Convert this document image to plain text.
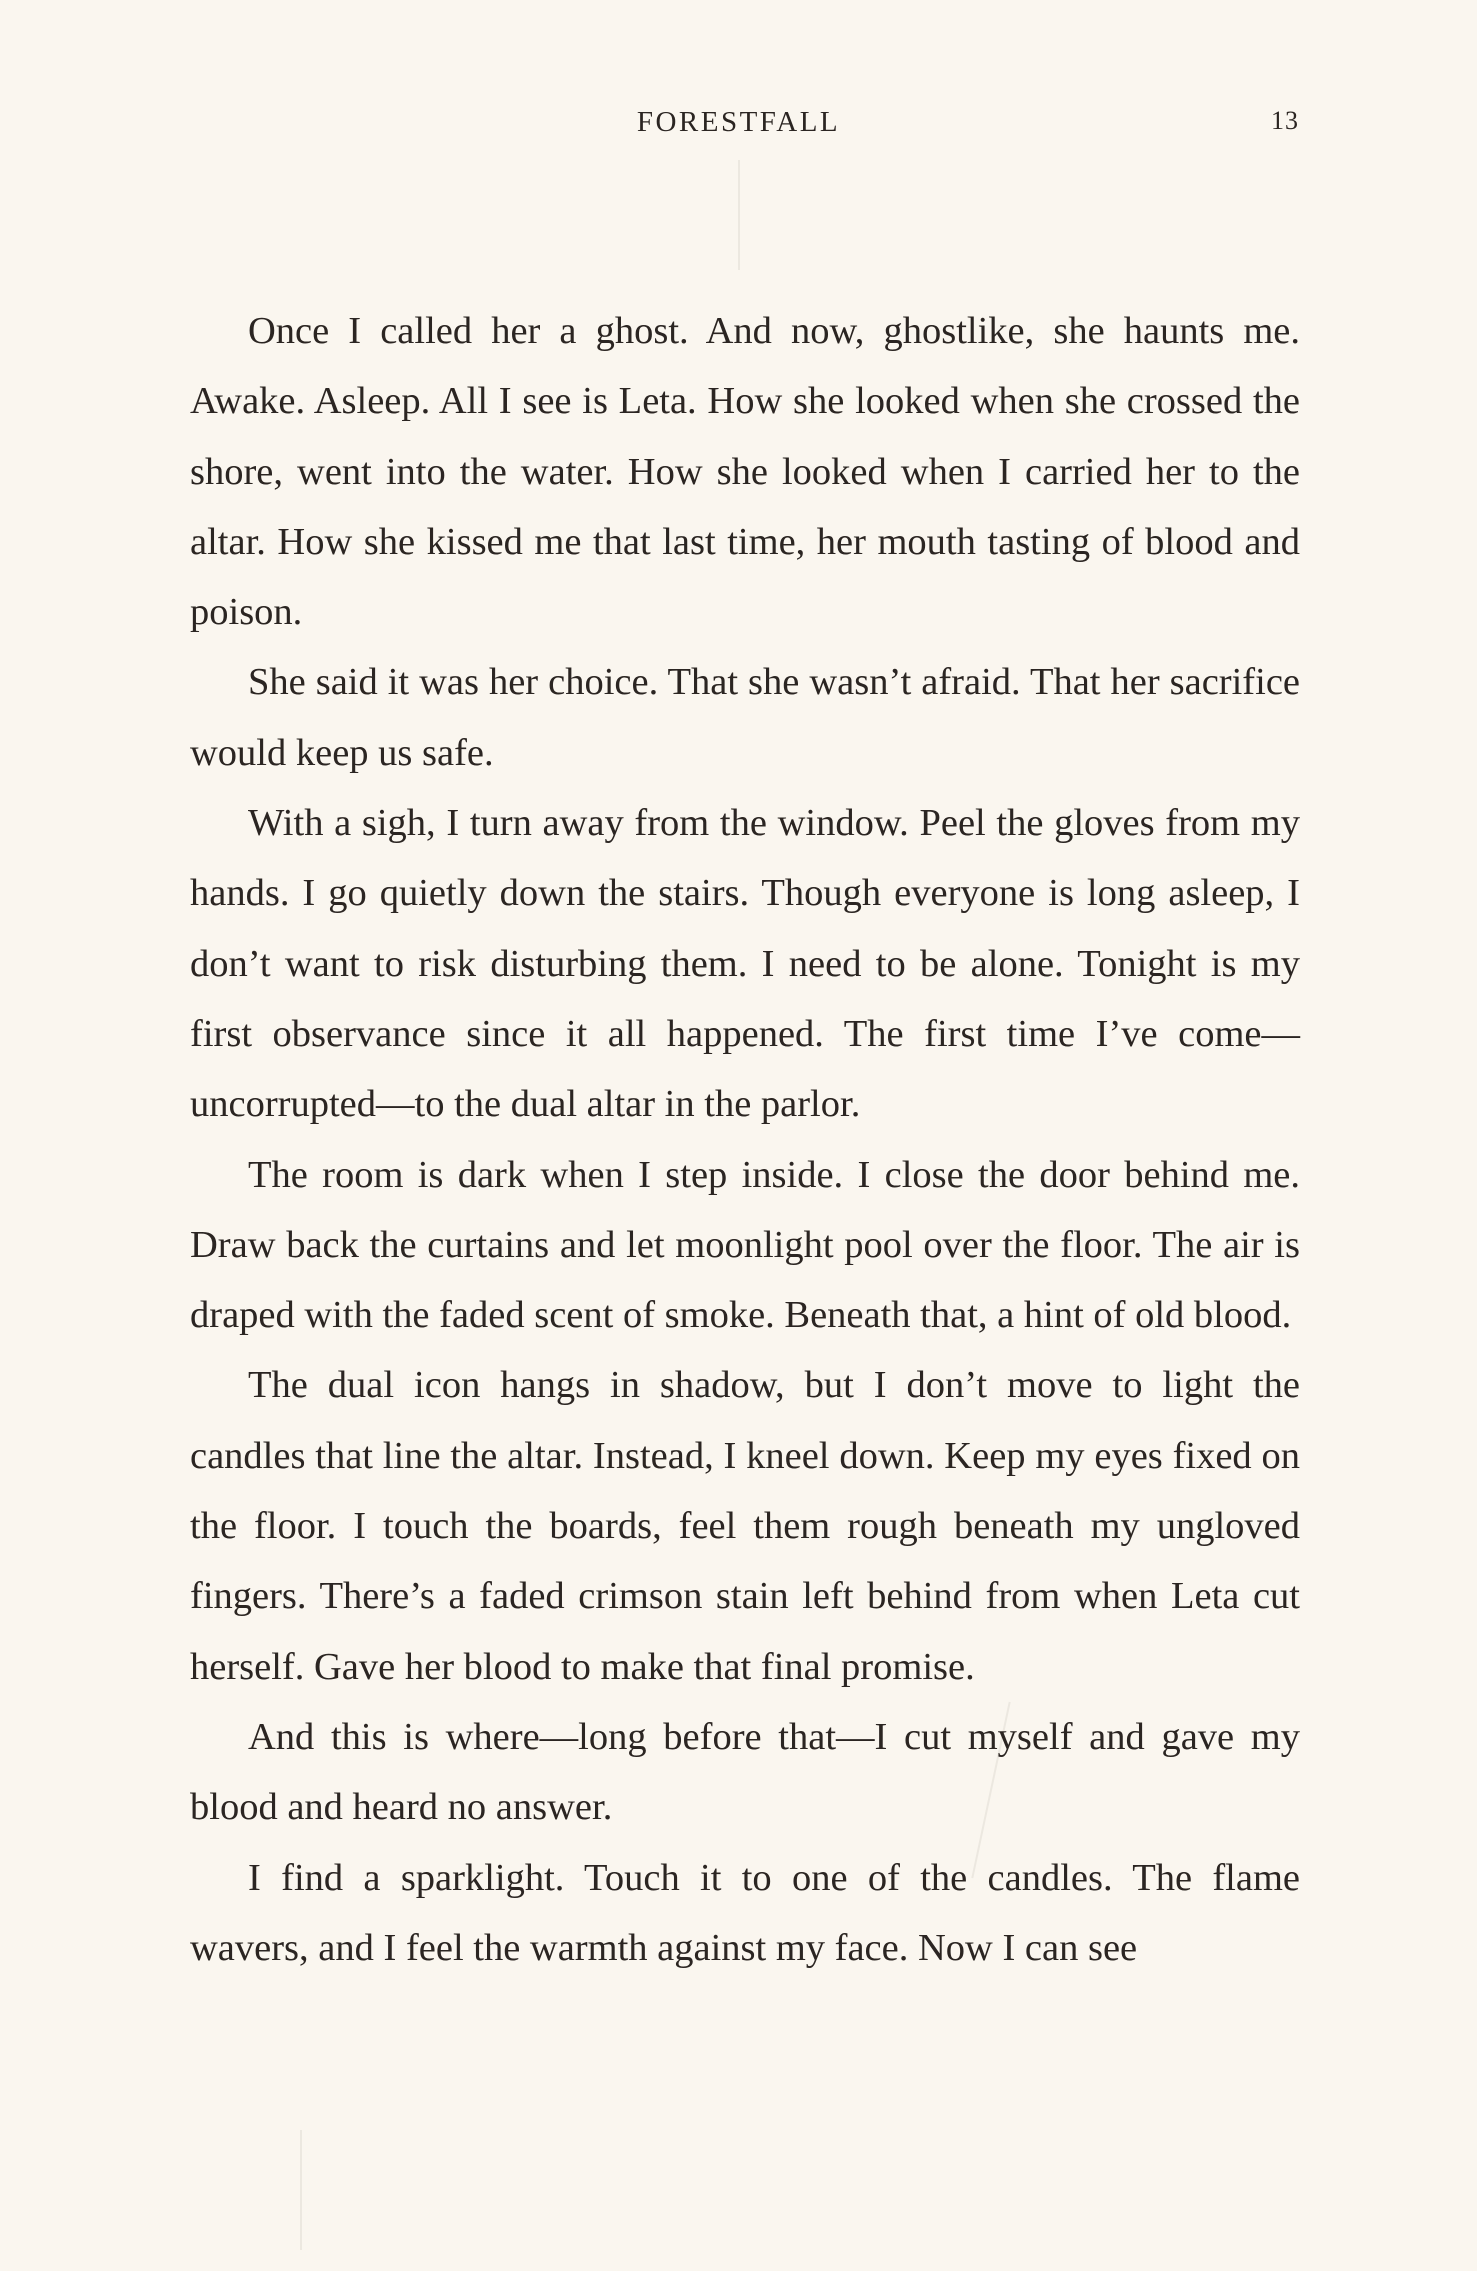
FORESTFALL	13

Once I called her a ghost. And now, ghostlike, she haunts me. Awake. Asleep. All I see is Leta. How she looked when she crossed the shore, went into the water. How she looked when I carried her to the altar. How she kissed me that last time, her mouth tasting of blood and poison.

She said it was her choice. That she wasn’t afraid. That her sacrifice would keep us safe.

With a sigh, I turn away from the window. Peel the gloves from my hands. I go quietly down the stairs. Though everyone is long asleep, I don’t want to risk disturbing them. I need to be alone. Tonight is my first observance since it all happened. The first time I’ve come—uncorrupted—to the dual altar in the parlor.

The room is dark when I step inside. I close the door behind me. Draw back the curtains and let moonlight pool over the floor. The air is draped with the faded scent of smoke. Beneath that, a hint of old blood.

The dual icon hangs in shadow, but I don’t move to light the candles that line the altar. Instead, I kneel down. Keep my eyes fixed on the floor. I touch the boards, feel them rough beneath my ungloved fingers. There’s a faded crimson stain left behind from when Leta cut herself. Gave her blood to make that final promise.

And this is where—long before that—I cut myself and gave my blood and heard no answer.

I find a sparklight. Touch it to one of the candles. The flame wavers, and I feel the warmth against my face. Now I can see
